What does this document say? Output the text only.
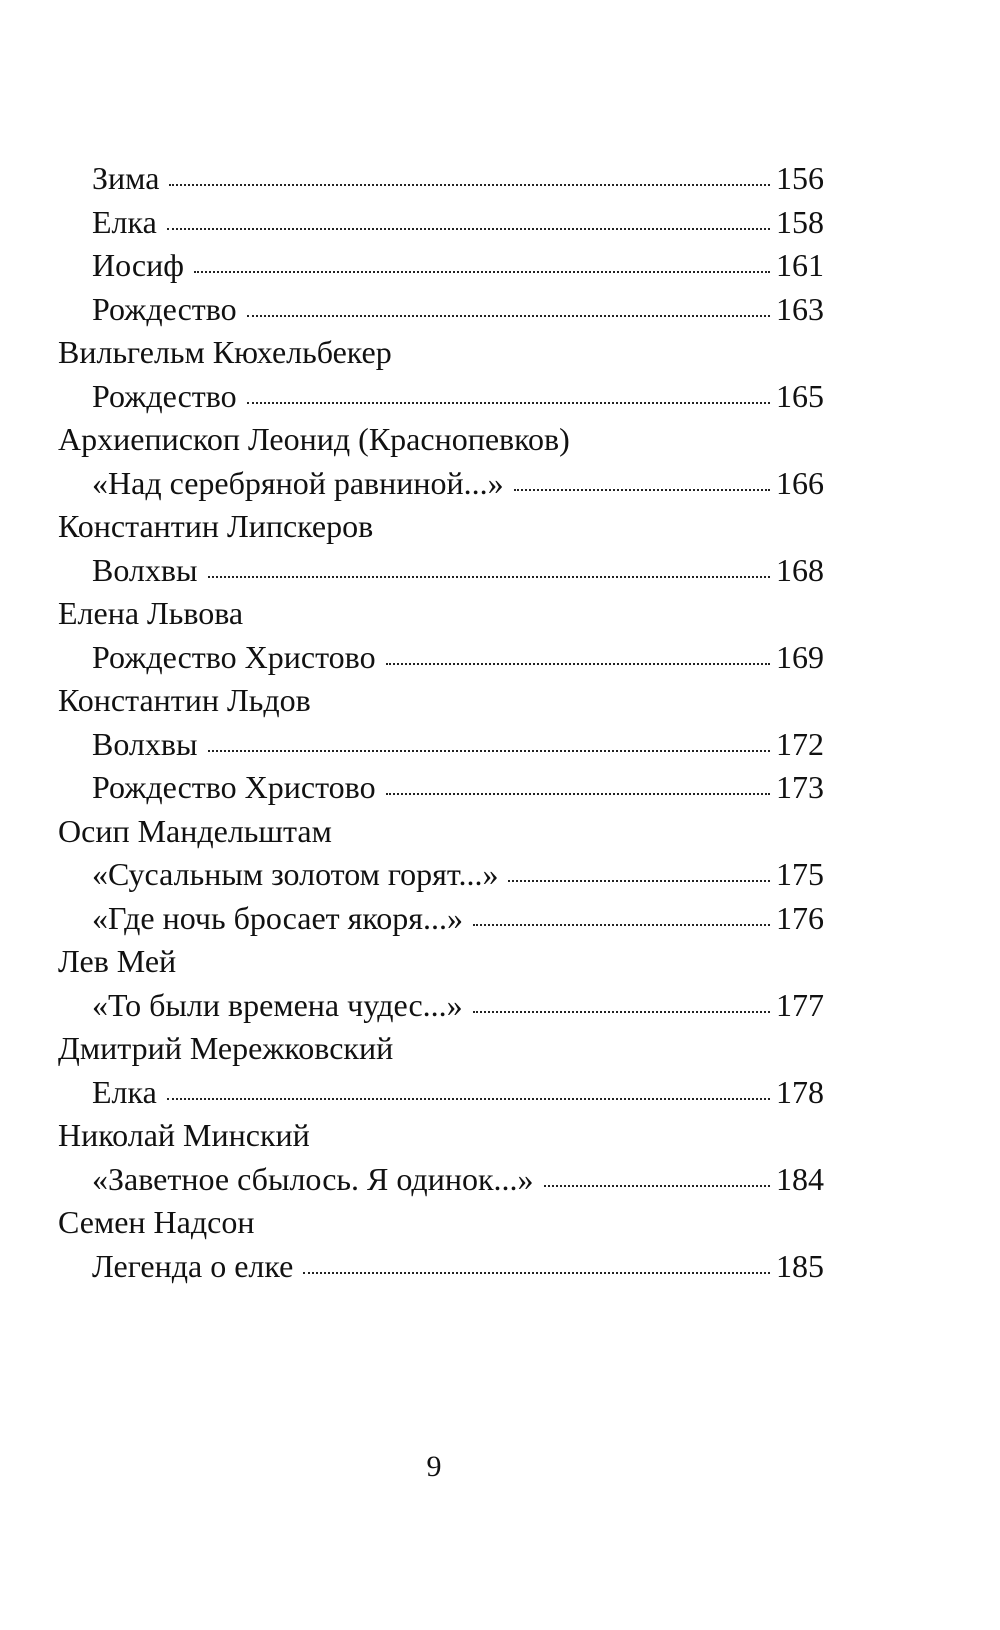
Зима	156
Елка	158
Иосиф	161
Рождество	163
Вильгельм Кюхельбекер
Рождество	165
Архиепископ Леонид (Краснопевков)
«Над серебряной равниной...»	166
Константин Липскеров
Волхвы	168
Елена Львова
Рождество Христово	169
Константин Льдов
Волхвы	172
Рождество Христово	173
Осип Мандельштам
«Сусальным золотом горят...»	175
«Где ночь бросает якоря...»	176
Лев Мей
«То были времена чудес...»	177
Дмитрий Мережковский
Елка	178
Николай Минский
«Заветное сбылось. Я одинок...»	184
Семен Надсон
Легенда о елке	185
9
